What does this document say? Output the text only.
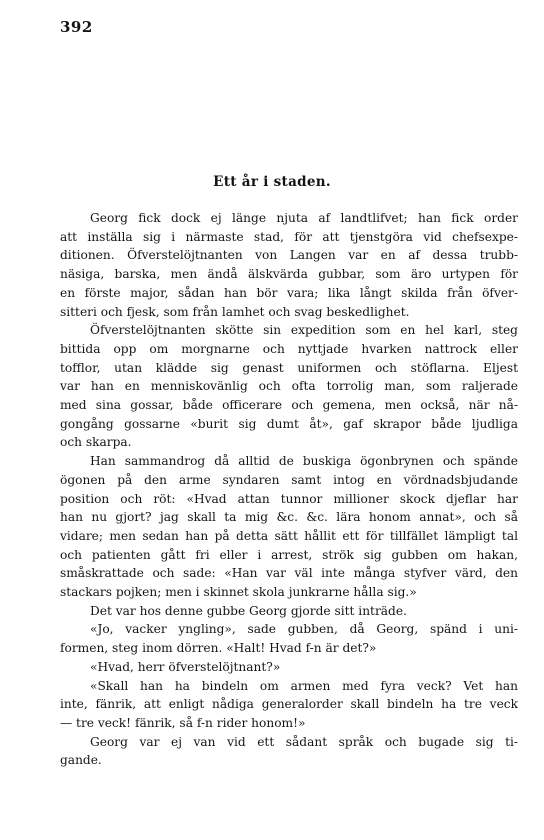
392
Ett år i staden.
Georg fick dock ej länge njuta af landtlifvet; han fick order
att inställa sig i närmaste stad, för att tjenstgöra vid chefsexpe-
ditionen. Öfverstelöjtnanten von Langen var en af dessa trubb-
näsiga, barska, men ändå älskvärda gubbar, som äro urtypen för
en förste major, sådan han bör vara; lika långt skilda från öfver-
sitteri och fjesk, som från lamhet och svag beskedlighet.
Öfverstelöjtnanten skötte sin expedition som en hel karl, steg
bittida opp om morgnarne och nyttjade hvarken nattrock eller
tofflor, utan klädde sig genast uniformen och stöflarna. Eljest
var han en menniskovänlig och ofta torrolig man, som raljerade
med sina gossar, både officerare och gemena, men också, när nå-
gongång gossarne «burit sig dumt åt», gaf skrapor både ljudliga
och skarpa.
Han sammandrog då alltid de buskiga ögonbrynen och spände
ögonen på den arme syndaren samt intog en vördnadsbjudande
position och röt: «Hvad attan tunnor millioner skock djeflar har
han nu gjort? jag skall ta mig &c. &c. lära honom annat», och så
vidare; men sedan han på detta sätt hållit ett för tillfället lämpligt tal
och patienten gått fri eller i arrest, strök sig gubben om hakan,
småskrattade och sade: «Han var väl inte många styfver värd, den
stackars pojken; men i skinnet skola junkrarne hålla sig.»
Det var hos denne gubbe Georg gjorde sitt inträde.
«Jo, vacker yngling», sade gubben, då Georg, spänd i uni-
formen, steg inom dörren. «Halt! Hvad f-n är det?»
«Hvad, herr öfverstelöjtnant?»
«Skall han ha bindeln om armen med fyra veck? Vet han
inte, fänrik, att enligt nådiga generalorder skall bindeln ha tre veck
— tre veck! fänrik, så f-n rider honom!»
Georg var ej van vid ett sådant språk och bugade sig ti-
gande.
